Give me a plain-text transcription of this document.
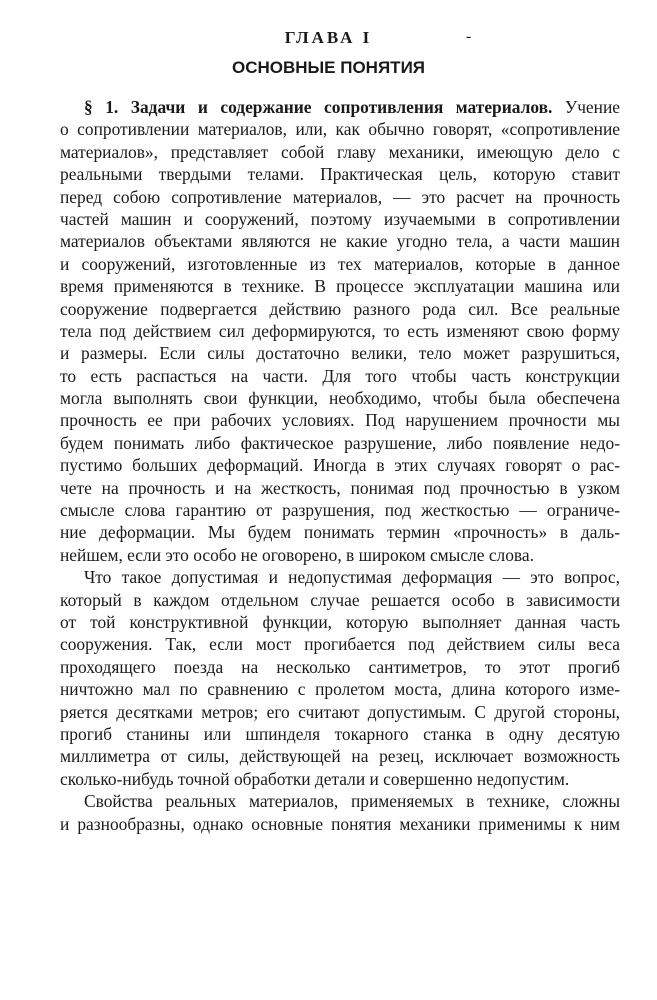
ГЛАВА I	-
ОСНОВНЫЕ ПОНЯТИЯ
§ 1. Задачи и содержание сопротивления материалов. Учение
о сопротивлении материалов, или, как обычно говорят, «сопротивление
материалов», представляет собой главу механики, имеющую дело с
реальными твердыми телами. Практическая цель, которую ставит
перед собою сопротивление материалов, — это расчет на прочность
частей машин и сооружений, поэтому изучаемыми в сопротивлении
материалов объектами являются не какие угодно тела, а части машин
и сооружений, изготовленные из тех материалов, которые в данное
время применяются в технике. В процессе эксплуатации машина или
сооружение подвергается действию разного рода сил. Все реальные
тела под действием сил деформируются, то есть изменяют свою форму
и размеры. Если силы достаточно велики, тело может разрушиться,
то есть распасться на части. Для того чтобы часть конструкции
могла выполнять свои функции, необходимо, чтобы была обеспечена
прочность ее при рабочих условиях. Под нарушением прочности мы
будем понимать либо фактическое разрушение, либо появление недо-
пустимо больших деформаций. Иногда в этих случаях говорят о рас-
чете на прочность и на жесткость, понимая под прочностью в узком
смысле слова гарантию от разрушения, под жесткостью — ограниче-
ние деформации. Мы будем понимать термин «прочность» в даль-
нейшем, если это особо не оговорено, в широком смысле слова.
Что такое допустимая и недопустимая деформация — это вопрос,
который в каждом отдельном случае решается особо в зависимости
от той конструктивной функции, которую выполняет данная часть
сооружения. Так, если мост прогибается под действием силы веса
проходящего поезда на несколько сантиметров, то этот прогиб
ничтожно мал по сравнению с пролетом моста, длина которого изме-
ряется десятками метров; его считают допустимым. С другой стороны,
прогиб станины или шпинделя токарного станка в одну десятую
миллиметра от силы, действующей на резец, исключает возможность
сколько-нибудь точной обработки детали и совершенно недопустим.
Свойства реальных материалов, применяемых в технике, сложны
и разнообразны, однако основные понятия механики применимы к ним
